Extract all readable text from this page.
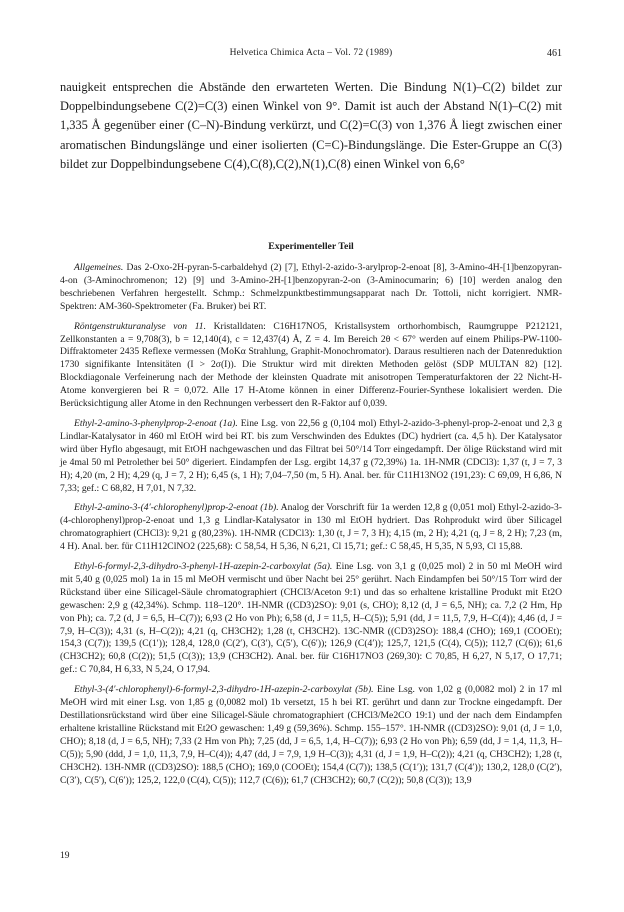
Helvetica Chimica Acta – Vol. 72 (1989)	461

nauigkeit entsprechen die Abstände den erwarteten Werten. Die Bindung N(1)–C(2) bildet zur Doppelbindungsebene C(2)=C(3) einen Winkel von 9°. Damit ist auch der Abstand N(1)–C(2) mit 1,335 Å gegenüber einer (C–N)-Bindung verkürzt, und C(2)=C(3) von 1,376 Å liegt zwischen einer aromatischen Bindungslänge und einer isolierten (C=C)-Bindungslänge. Die Ester-Gruppe an C(3) bildet zur Doppelbindungsebene C(4),C(8),C(2),N(1),C(8) einen Winkel von 6,6°

Experimenteller Teil

Allgemeines. Das 2-Oxo-2H-pyran-5-carbaldehyd (2) [7], Ethyl-2-azido-3-arylprop-2-enoat [8], 3-Amino-4H-[1]benzopyran-4-on (3-Aminochromenon; 12) [9] und 3-Amino-2H-[1]benzopyran-2-on (3-Aminocumarin; 6) [10] werden analog den beschriebenen Verfahren hergestellt. Schmp.: Schmelzpunktbestimmungsapparat nach Dr. Tottoli, nicht korrigiert. NMR-Spektren: AM-360-Spektrometer (Fa. Bruker) bei RT.

Röntgenstrukturanalyse von 11. Kristalldaten: C16H17NO5, Kristallsystem orthorhombisch, Raumgruppe P212121, Zellkonstanten a = 9,708(3), b = 12,140(4), c = 12,437(4) Å, Z = 4. Im Bereich 2θ < 67° werden auf einem Philips-PW-1100-Diffraktometer 2435 Reflexe vermessen (MoKα Strahlung, Graphit-Monochromator). Daraus resultieren nach der Datenreduktion 1730 signifikante Intensitäten (I > 2σ(I)). Die Struktur wird mit direkten Methoden gelöst (SDP MULTAN 82) [12]. Blockdiagonale Verfeinerung nach der Methode der kleinsten Quadrate mit anisotropen Temperaturfaktoren der 22 Nicht-H-Atome konvergieren bei R = 0,072. Alle 17 H-Atome können in einer Differenz-Fourier-Synthese lokalisiert werden. Die Berücksichtigung aller Atome in den Rechnungen verbessert den R-Faktor auf 0,039.

Ethyl-2-amino-3-phenylprop-2-enoat (1a). Eine Lsg. von 22,56 g (0,104 mol) Ethyl-2-azido-3-phenyl-prop-2-enoat und 2,3 g Lindlar-Katalysator in 460 ml EtOH wird bei RT. bis zum Verschwinden des Eduktes (DC) hydriert (ca. 4,5 h). Der Katalysator wird über Hyflo abgesaugt, mit EtOH nachgewaschen und das Filtrat bei 50°/14 Torr eingedampft. Der ölige Rückstand wird mit je 4mal 50 ml Petrolether bei 50° digeriert. Eindampfen der Lsg. ergibt 14,37 g (72,39%) 1a. 1H-NMR (CDCl3): 1,37 (t, J = 7, 3 H); 4,20 (m, 2 H); 4,29 (q, J = 7, 2 H); 6,45 (s, 1 H); 7,04–7,50 (m, 5 H). Anal. ber. für C11H13NO2 (191,23): C 69,09, H 6,86, N 7,33; gef.: C 68,82, H 7,01, N 7,32.

Ethyl-2-amino-3-(4′-chlorophenyl)prop-2-enoat (1b). Analog der Vorschrift für 1a werden 12,8 g (0,051 mol) Ethyl-2-azido-3-(4-chlorophenyl)prop-2-enoat und 1,3 g Lindlar-Katalysator in 130 ml EtOH hydriert. Das Rohprodukt wird über Silicagel chromatographiert (CHCl3): 9,21 g (80,23%). 1H-NMR (CDCl3): 1,30 (t, J = 7, 3 H); 4,15 (m, 2 H); 4,21 (q, J = 8, 2 H); 7,23 (m, 4 H). Anal. ber. für C11H12ClNO2 (225,68): C 58,54, H 5,36, N 6,21, Cl 15,71; gef.: C 58,45, H 5,35, N 5,93, Cl 15,88.

Ethyl-6-formyl-2,3-dihydro-3-phenyl-1H-azepin-2-carboxylat (5a). Eine Lsg. von 3,1 g (0,025 mol) 2 in 50 ml MeOH wird mit 5,40 g (0,025 mol) 1a in 15 ml MeOH vermischt und über Nacht bei 25° gerührt. Nach Eindampfen bei 50°/15 Torr wird der Rückstand über eine Silicagel-Säule chromatographiert (CHCl3/Aceton 9:1) und das so erhaltene kristalline Produkt mit Et2O gewaschen: 2,9 g (42,34%). Schmp. 118–120°. 1H-NMR ((CD3)2SO): 9,01 (s, CHO); 8,12 (d, J = 6,5, NH); ca. 7,2 (2 Hm, Hp von Ph); ca. 7,2 (d, J = 6,5, H–C(7)); 6,93 (2 Ho von Ph); 6,58 (d, J = 11,5, H–C(5)); 5,91 (dd, J = 11,5, 7,9, H–C(4)); 4,46 (d, J = 7,9, H–C(3)); 4,31 (s, H–C(2)); 4,21 (q, CH3CH2); 1,28 (t, CH3CH2). 13C-NMR ((CD3)2SO): 188,4 (CHO); 169,1 (COOEt); 154,3 (C(7)); 139,5 (C(1′)); 128,4, 128,0 (C(2′), C(3′), C(5′), C(6′)); 126,9 (C(4′)); 125,7, 121,5 (C(4), C(5)); 112,7 (C(6)); 61,6 (CH3CH2); 60,8 (C(2)); 51,5 (C(3)); 13,9 (CH3CH2). Anal. ber. für C16H17NO3 (269,30): C 70,85, H 6,27, N 5,17, O 17,71; gef.: C 70,84, H 6,33, N 5,24, O 17,94.

Ethyl-3-(4′-chlorophenyl)-6-formyl-2,3-dihydro-1H-azepin-2-carboxylat (5b). Eine Lsg. von 1,02 g (0,0082 mol) 2 in 17 ml MeOH wird mit einer Lsg. von 1,85 g (0,0082 mol) 1b versetzt, 15 h bei RT. gerührt und dann zur Trockne eingedampft. Der Destillationsrückstand wird über eine Silicagel-Säule chromatographiert (CHCl3/Me2CO 19:1) und der nach dem Eindampfen erhaltene kristalline Rückstand mit Et2O gewaschen: 1,49 g (59,36%). Schmp. 155–157°. 1H-NMR ((CD3)2SO): 9,01 (d, J = 1,0, CHO); 8,18 (d, J = 6,5, NH); 7,33 (2 Hm von Ph); 7,25 (dd, J = 6,5, 1,4, H–C(7)); 6,93 (2 Ho von Ph); 6,59 (dd, J = 1,4, 11,3, H–C(5)); 5,90 (ddd, J = 1,0, 11,3, 7,9, H–C(4)); 4,47 (dd, J = 7,9, 1,9 H–C(3)); 4,31 (d, J = 1,9, H–C(2)); 4,21 (q, CH3CH2); 1,28 (t, CH3CH2). 13H-NMR ((CD3)2SO): 188,5 (CHO); 169,0 (COOEt); 154,4 (C(7)); 138,5 (C(1′)); 131,7 (C(4′)); 130,2, 128,0 (C(2′), C(3′), C(5′), C(6′)); 125,2, 122,0 (C(4), C(5)); 112,7 (C(6)); 61,7 (CH3CH2); 60,7 (C(2)); 50,8 (C(3)); 13,9

19
